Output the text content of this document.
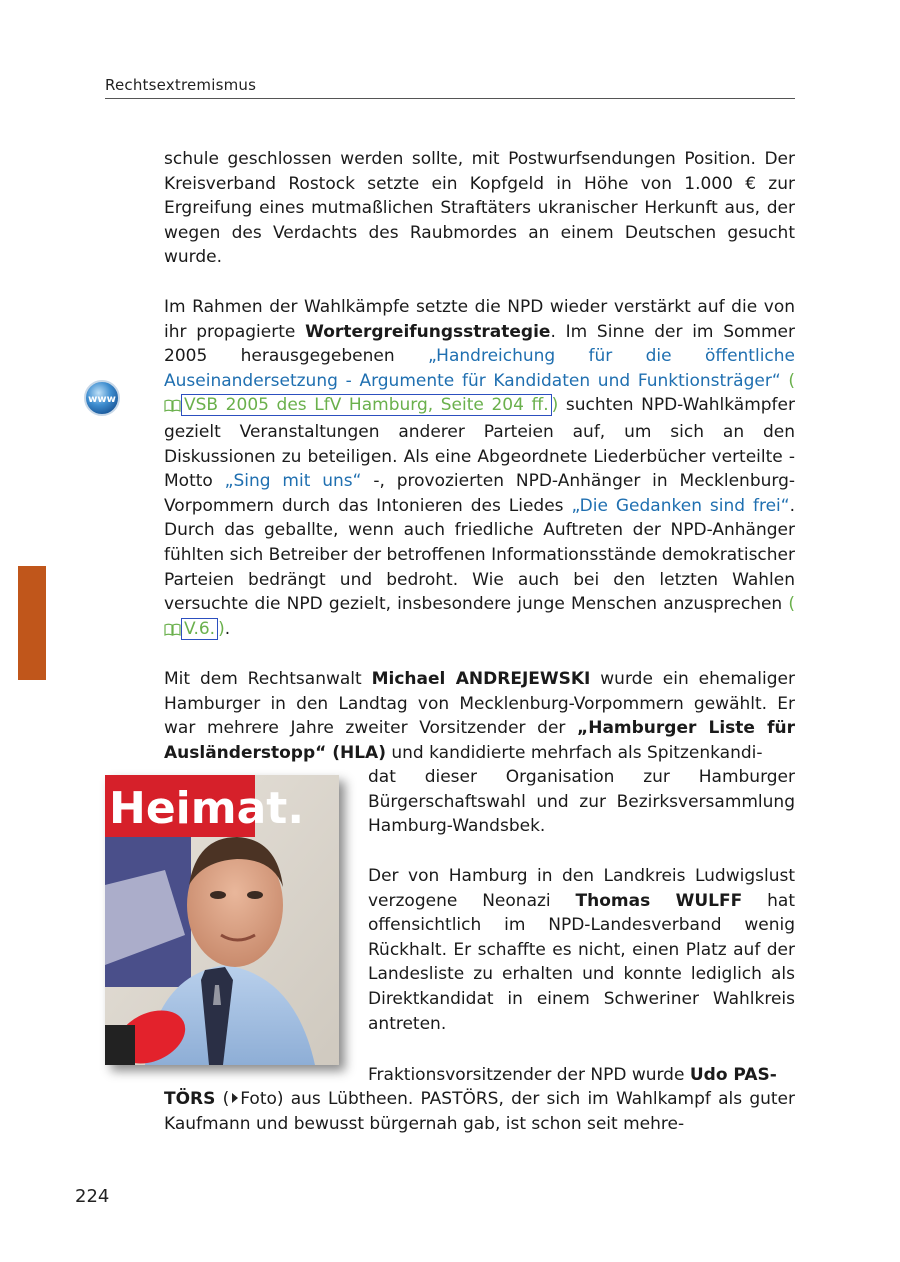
Rechtsextremismus
www

schule geschlossen werden sollte, mit Postwurfsendungen Position. Der Kreisverband Rostock setzte ein Kopfgeld in Höhe von 1.000 € zur Ergreifung eines mutmaßlichen Straftäters ukranischer Herkunft aus, der wegen des Verdachts des Raubmordes an einem Deutschen gesucht wurde.

Im Rahmen der Wahlkämpfe setzte die NPD wieder verstärkt auf die von ihr propagierte Wortergreifungsstrategie. Im Sinne der im Sommer 2005 herausgegebenen „Handreichung für die öffentliche Auseinandersetzung - Argumente für Kandidaten und Funktionsträger“ (VSB 2005 des LfV Hamburg, Seite 204 ff. ) suchten NPD-Wahlkämpfer gezielt Veranstaltungen anderer Parteien auf, um sich an den Diskussionen zu beteiligen. Als eine Abgeordnete Liederbücher verteilte - Motto „Sing mit uns“ -, provozierten NPD-Anhänger in Mecklenburg-Vorpommern durch das Intonieren des Liedes „Die Gedanken sind frei“. Durch das geballte, wenn auch friedliche Auftreten der NPD-Anhänger fühlten sich Betreiber der betroffenen Informationsstände demokratischer Parteien bedrängt und bedroht. Wie auch bei den letzten Wahlen versuchte die NPD gezielt, insbesondere junge Menschen anzusprechen (V.6. ).

Mit dem Rechtsanwalt Michael ANDREJEWSKI wurde ein ehemaliger Hamburger in den Landtag von Mecklenburg-Vorpommern gewählt. Er war mehrere Jahre zweiter Vorsitzender der „Hamburger Liste für Ausländerstopp“ (HLA) und kandidierte mehrfach als Spitzenkandi-

Heimat.

dat dieser Organisation zur Hamburger Bürgerschaftswahl und zur Bezirksversammlung Hamburg-Wandsbek.

Der von Hamburg in den Landkreis Ludwigslust verzogene Neonazi Thomas WULFF hat offensichtlich im NPD-Landesverband wenig Rückhalt. Er schaffte es nicht, einen Platz auf der Landesliste zu erhalten und konnte lediglich als Direktkandidat in einem Schweriner Wahlkreis antreten.

Fraktionsvorsitzender der NPD wurde Udo PAS-

TÖRS ( Foto) aus Lübtheen. PASTÖRS, der sich im Wahlkampf als guter Kaufmann und bewusst bürgernah gab, ist schon seit mehre-

224
